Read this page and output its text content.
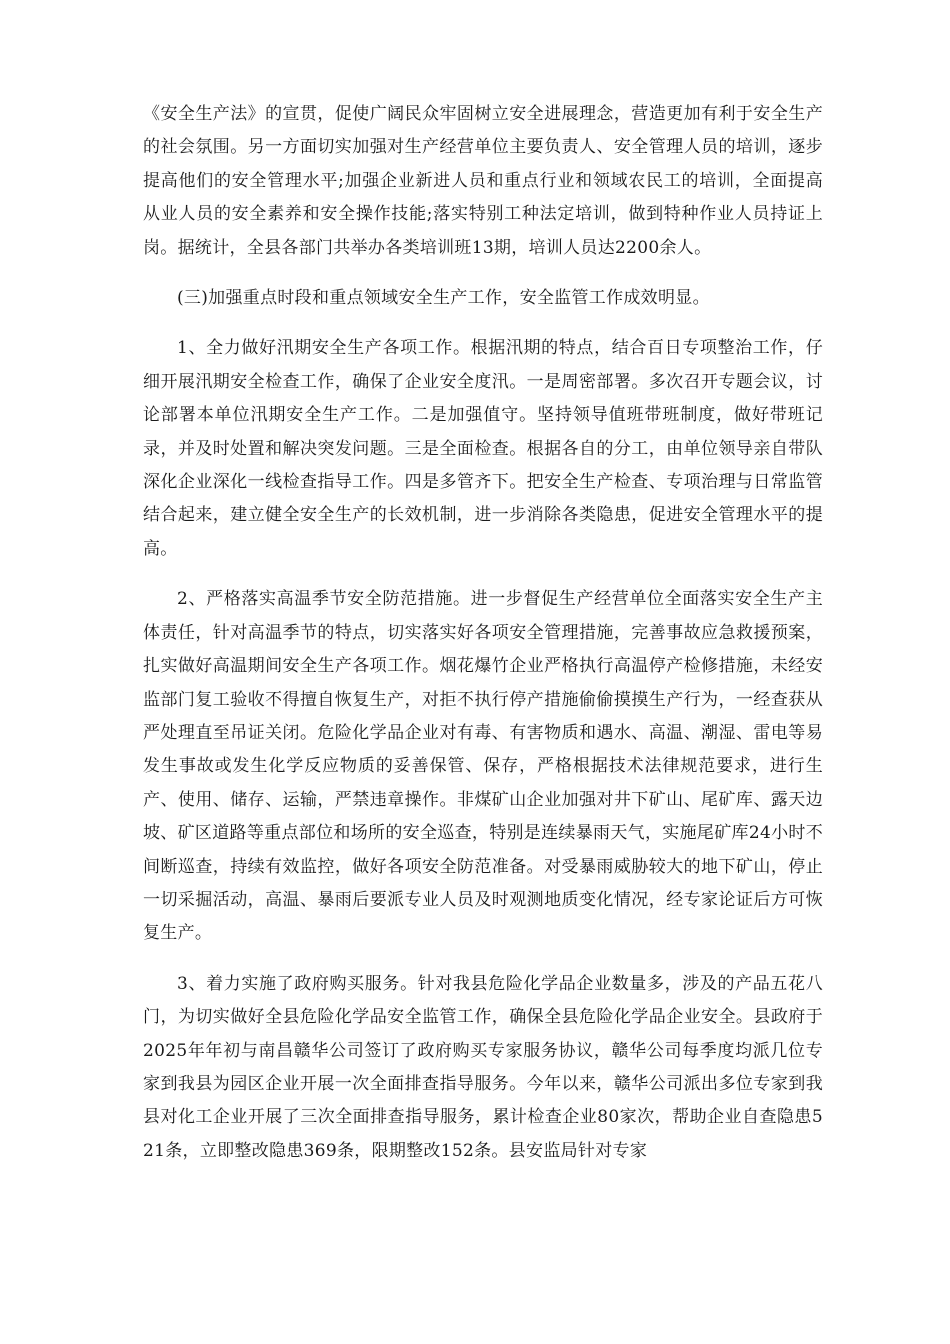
《安全生产法》的宣贯，促使广阔民众牢固树立安全进展理念，营造更加有利于安全生产的社会氛围。另一方面切实加强对生产经营单位主要负责人、安全管理人员的培训，逐步提高他们的安全管理水平;加强企业新进人员和重点行业和领域农民工的培训，全面提高从业人员的安全素养和安全操作技能;落实特别工种法定培训，做到特种作业人员持证上岗。据统计，全县各部门共举办各类培训班13期，培训人员达2200余人。

(三)加强重点时段和重点领域安全生产工作，安全监管工作成效明显。

1、全力做好汛期安全生产各项工作。根据汛期的特点，结合百日专项整治工作，仔细开展汛期安全检查工作，确保了企业安全度汛。一是周密部署。多次召开专题会议，讨论部署本单位汛期安全生产工作。二是加强值守。坚持领导值班带班制度，做好带班记录，并及时处置和解决突发问题。三是全面检查。根据各自的分工，由单位领导亲自带队深化企业深化一线检查指导工作。四是多管齐下。把安全生产检查、专项治理与日常监管结合起来，建立健全安全生产的长效机制，进一步消除各类隐患，促进安全管理水平的提高。

2、严格落实高温季节安全防范措施。进一步督促生产经营单位全面落实安全生产主体责任，针对高温季节的特点，切实落实好各项安全管理措施，完善事故应急救援预案，扎实做好高温期间安全生产各项工作。烟花爆竹企业严格执行高温停产检修措施，未经安监部门复工验收不得擅自恢复生产，对拒不执行停产措施偷偷摸摸生产行为，一经查获从严处理直至吊证关闭。危险化学品企业对有毒、有害物质和遇水、高温、潮湿、雷电等易发生事故或发生化学反应物质的妥善保管、保存，严格根据技术法律规范要求，进行生产、使用、储存、运输，严禁违章操作。非煤矿山企业加强对井下矿山、尾矿库、露天边坡、矿区道路等重点部位和场所的安全巡查，特别是连续暴雨天气，实施尾矿库24小时不间断巡查，持续有效监控，做好各项安全防范准备。对受暴雨威胁较大的地下矿山，停止一切采掘活动，高温、暴雨后要派专业人员及时观测地质变化情况，经专家论证后方可恢复生产。

3、着力实施了政府购买服务。针对我县危险化学品企业数量多，涉及的产品五花八门，为切实做好全县危险化学品安全监管工作，确保全县危险化学品企业安全。县政府于2025年年初与南昌赣华公司签订了政府购买专家服务协议，赣华公司每季度均派几位专家到我县为园区企业开展一次全面排查指导服务。今年以来，赣华公司派出多位专家到我县对化工企业开展了三次全面排查指导服务，累计检查企业80家次，帮助企业自查隐患521条，立即整改隐患369条，限期整改152条。县安监局针对专家
